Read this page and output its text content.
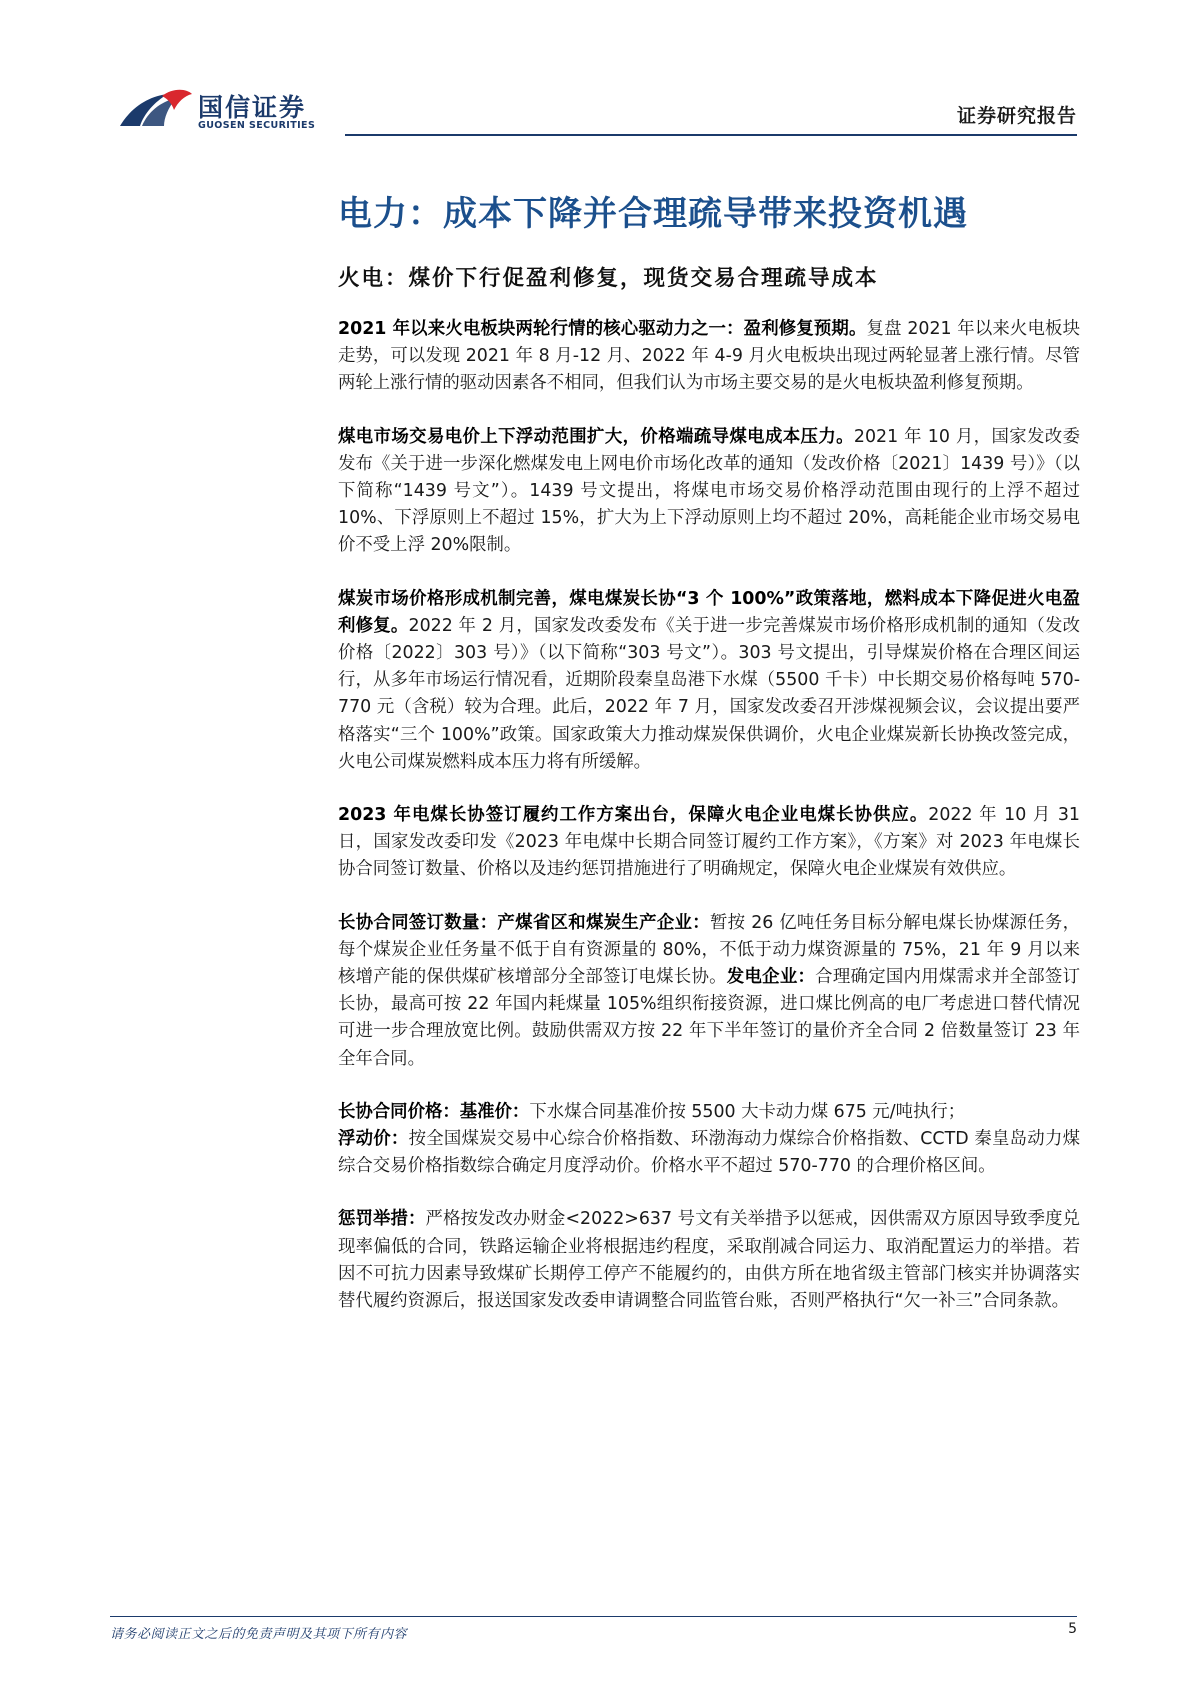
国信证券
GUOSEN SECURITIES	证券研究报告
电力：成本下降并合理疏导带来投资机遇
火电：煤价下行促盈利修复，现货交易合理疏导成本

2021 年以来火电板块两轮行情的核心驱动力之一：盈利修复预期。复盘 2021 年以来火电板块走势，可以发现 2021 年 8 月-12 月、2022 年 4-9 月火电板块出现过两轮显著上涨行情。尽管两轮上涨行情的驱动因素各不相同，但我们认为市场主要交易的是火电板块盈利修复预期。

煤电市场交易电价上下浮动范围扩大，价格端疏导煤电成本压力。2021 年 10 月，国家发改委发布《关于进一步深化燃煤发电上网电价市场化改革的通知（发改价格〔2021〕1439 号）》（以下简称“1439 号文”）。1439 号文提出，将煤电市场交易价格浮动范围由现行的上浮不超过 10%、下浮原则上不超过 15%，扩大为上下浮动原则上均不超过 20%，高耗能企业市场交易电价不受上浮 20%限制。

煤炭市场价格形成机制完善，煤电煤炭长协“3 个 100%”政策落地，燃料成本下降促进火电盈利修复。2022 年 2 月，国家发改委发布《关于进一步完善煤炭市场价格形成机制的通知（发改价格〔2022〕303 号）》（以下简称“303 号文”）。303 号文提出，引导煤炭价格在合理区间运行，从多年市场运行情况看，近期阶段秦皇岛港下水煤（5500 千卡）中长期交易价格每吨 570-770 元（含税）较为合理。此后，2022 年 7 月，国家发改委召开涉煤视频会议，会议提出要严格落实“三个 100%”政策。国家政策大力推动煤炭保供调价，火电企业煤炭新长协换改签完成，火电公司煤炭燃料成本压力将有所缓解。

2023 年电煤长协签订履约工作方案出台，保障火电企业电煤长协供应。2022 年 10 月 31 日，国家发改委印发《2023 年电煤中长期合同签订履约工作方案》，《方案》对 2023 年电煤长协合同签订数量、价格以及违约惩罚措施进行了明确规定，保障火电企业煤炭有效供应。

长协合同签订数量：产煤省区和煤炭生产企业：暂按 26 亿吨任务目标分解电煤长协煤源任务，每个煤炭企业任务量不低于自有资源量的 80%，不低于动力煤资源量的 75%，21 年 9 月以来核增产能的保供煤矿核增部分全部签订电煤长协。发电企业：合理确定国内用煤需求并全部签订长协，最高可按 22 年国内耗煤量 105%组织衔接资源，进口煤比例高的电厂考虑进口替代情况可进一步合理放宽比例。鼓励供需双方按 22 年下半年签订的量价齐全合同 2 倍数量签订 23 年全年合同。

长协合同价格：基准价：下水煤合同基准价按 5500 大卡动力煤 675 元/吨执行；
浮动价：按全国煤炭交易中心综合价格指数、环渤海动力煤综合价格指数、CCTD 秦皇岛动力煤综合交易价格指数综合确定月度浮动价。价格水平不超过 570-770 的合理价格区间。

惩罚举措：严格按发改办财金<2022>637 号文有关举措予以惩戒，因供需双方原因导致季度兑现率偏低的合同，铁路运输企业将根据违约程度，采取削减合同运力、取消配置运力的举措。若因不可抗力因素导致煤矿长期停工停产不能履约的，由供方所在地省级主管部门核实并协调落实替代履约资源后，报送国家发改委申请调整合同监管台账，否则严格执行“欠一补三”合同条款。

请务必阅读正文之后的免责声明及其项下所有内容	5
